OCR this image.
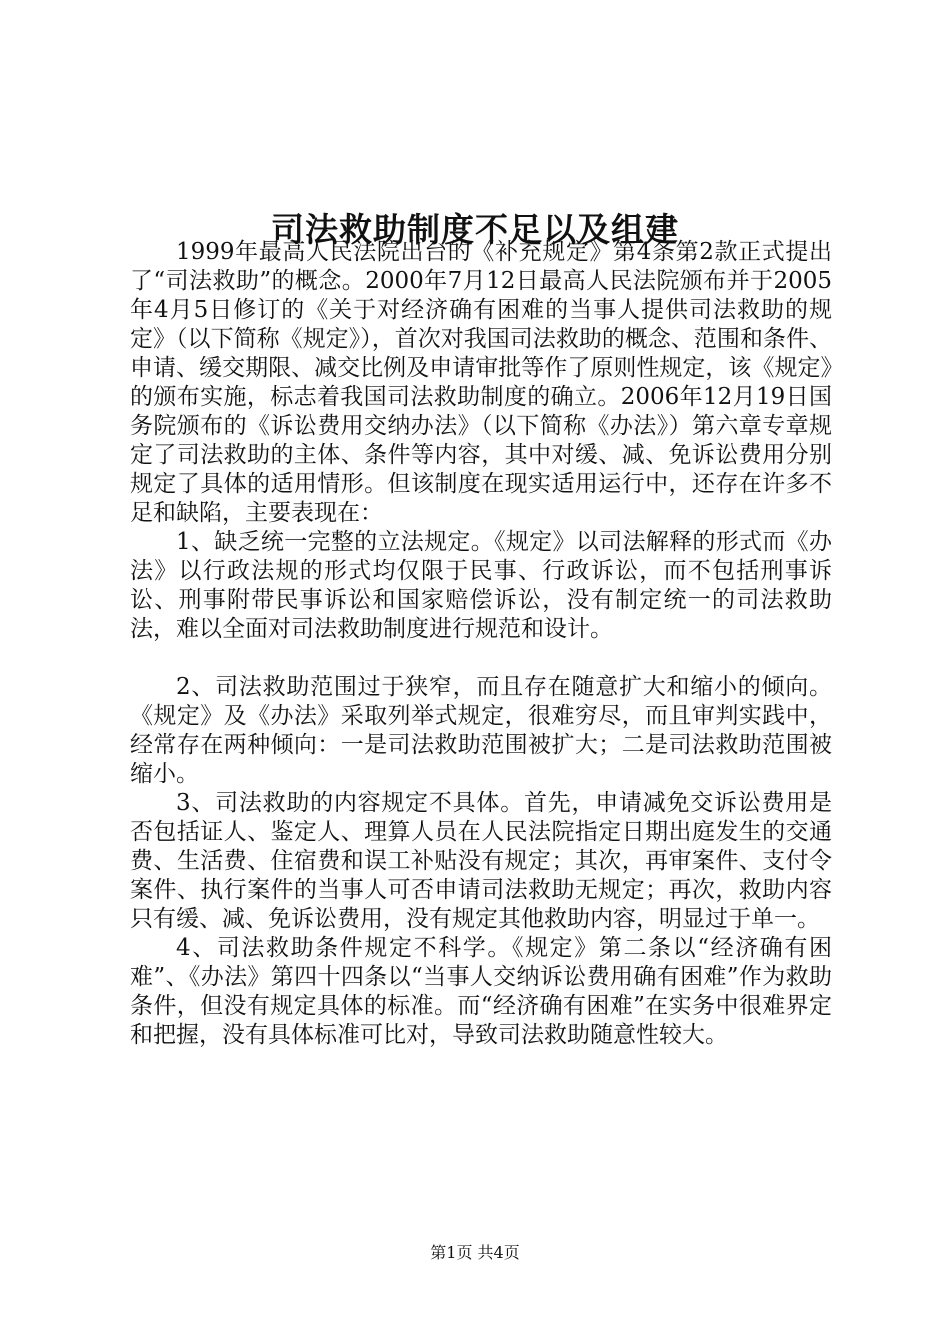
司法救助制度不足以及组建

1999年最高人民法院出台的《补充规定》第4条第2款正式提出了“司法救助”的概念。2000年7月12日最高人民法院颁布并于2005年4月5日修订的《关于对经济确有困难的当事人提供司法救助的规定》（以下简称《规定》），首次对我国司法救助的概念、范围和条件、申请、缓交期限、减交比例及申请审批等作了原则性规定，该《规定》的颁布实施，标志着我国司法救助制度的确立。2006年12月19日国务院颁布的《诉讼费用交纳办法》（以下简称《办法》）第六章专章规定了司法救助的主体、条件等内容，其中对缓、减、免诉讼费用分别规定了具体的适用情形。但该制度在现实适用运行中，还存在许多不足和缺陷，主要表现在：

1、缺乏统一完整的立法规定。《规定》以司法解释的形式而《办法》以行政法规的形式均仅限于民事、行政诉讼，而不包括刑事诉讼、刑事附带民事诉讼和国家赔偿诉讼，没有制定统一的司法救助法，难以全面对司法救助制度进行规范和设计。

2、司法救助范围过于狭窄，而且存在随意扩大和缩小的倾向。《规定》及《办法》采取列举式规定，很难穷尽，而且审判实践中，经常存在两种倾向：一是司法救助范围被扩大；二是司法救助范围被缩小。

3、司法救助的内容规定不具体。首先，申请减免交诉讼费用是否包括证人、鉴定人、理算人员在人民法院指定日期出庭发生的交通费、生活费、住宿费和误工补贴没有规定；其次，再审案件、支付令案件、执行案件的当事人可否申请司法救助无规定；再次，救助内容只有缓、减、免诉讼费用，没有规定其他救助内容，明显过于单一。

4、司法救助条件规定不科学。《规定》第二条以“经济确有困难”、《办法》第四十四条以“当事人交纳诉讼费用确有困难”作为救助条件，但没有规定具体的标准。而“经济确有困难”在实务中很难界定和把握，没有具体标准可比对，导致司法救助随意性较大。

第1页 共4页
